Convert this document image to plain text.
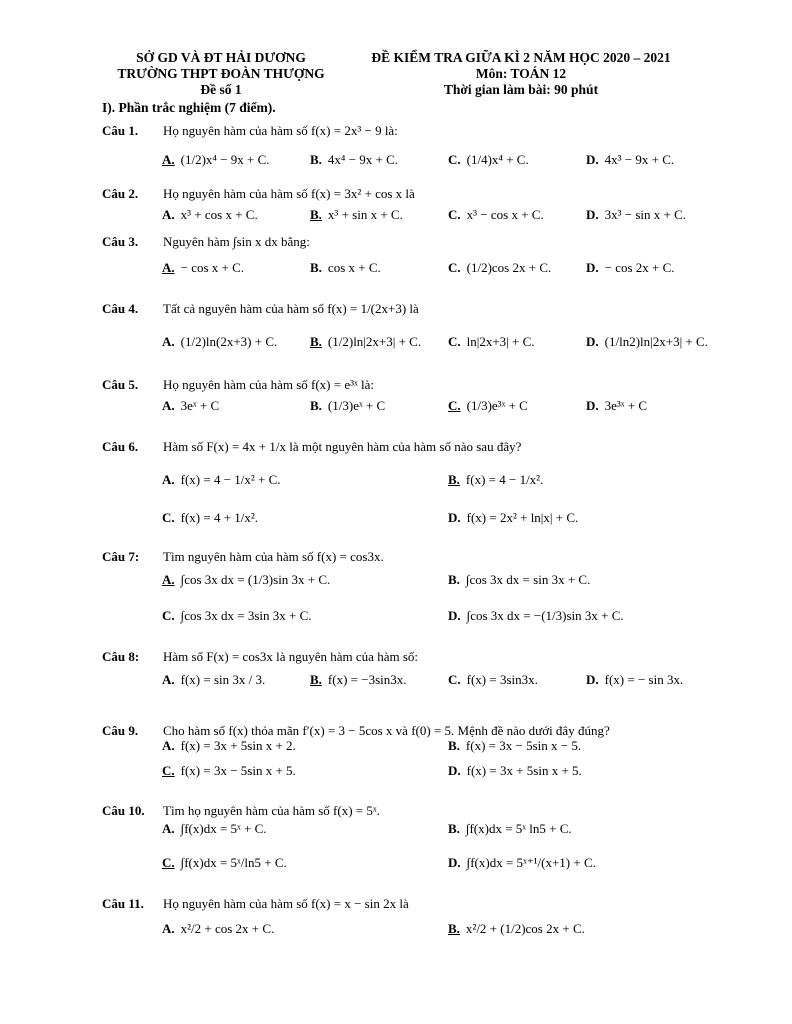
SỞ GD VÀ ĐT HẢI DƯƠNG
TRƯỜNG THPT ĐOÀN THƯỢNG
Đề số 1
ĐỀ KIỂM TRA GIỮA KÌ 2 NĂM HỌC 2020 – 2021
Môn: TOÁN 12
Thời gian làm bài: 90 phút
I). Phần trắc nghiệm (7 điểm).
Câu 1.	Họ nguyên hàm của hàm số f(x) = 2x³ − 9 là:
A. (1/2)x⁴ − 9x + C.	B. 4x⁴ − 9x + C.	C. (1/4)x⁴ + C.	D. 4x³ − 9x + C.
Câu 2.	Họ nguyên hàm của hàm số f(x) = 3x² + cos x là
A. x³ + cos x + C.	B. x³ + sin x + C.	C. x³ − cos x + C.	D. 3x³ − sin x + C.
Câu 3.	Nguyên hàm ∫sin x dx bằng:
A. − cos x + C.	B. cos x + C.	C. (1/2)cos 2x + C.	D. − cos 2x + C.
Câu 4.	Tất cả nguyên hàm của hàm số f(x) = 1/(2x+3) là
A. (1/2)ln(2x+3) + C.	B. (1/2)ln|2x+3| + C. C. ln|2x+3| + C.	D. (1/ln2)ln|2x+3| + C.
Câu 5.	Họ nguyên hàm của hàm số f(x) = e³ˣ là:
A. 3eˣ + C	B. (1/3)eˣ + C	C. (1/3)e³ˣ + C	D. 3e³ˣ + C
Câu 6.	Hàm số F(x) = 4x + 1/x là một nguyên hàm của hàm số nào sau đây?
A. f(x) = 4 − 1/x² + C.	B. f(x) = 4 − 1/x².
C. f(x) = 4 + 1/x².	D. f(x) = 2x² + ln|x| + C.
Câu 7:	Tìm nguyên hàm của hàm số f(x) = cos3x.
A. ∫cos 3x dx = (1/3)sin 3x + C.	B. ∫cos 3x dx = sin 3x + C.
C. ∫cos 3x dx = 3sin 3x + C.	D. ∫cos 3x dx = −(1/3)sin 3x + C.
Câu 8:	Hàm số F(x) = cos3x là nguyên hàm của hàm số:
A. f(x) = sin 3x / 3.	B. f(x) = −3sin3x.	C. f(x) = 3sin3x.	D. f(x) = − sin 3x.
Câu 9.	Cho hàm số f(x) thỏa mãn f′(x) = 3 − 5cos x và f(0) = 5. Mệnh đề nào dưới đây đúng?
A. f(x) = 3x + 5sin x + 2.	B. f(x) = 3x − 5sin x − 5.
C. f(x) = 3x − 5sin x + 5.	D. f(x) = 3x + 5sin x + 5.
Câu 10.	Tìm họ nguyên hàm của hàm số f(x) = 5ˣ.
A. ∫f(x)dx = 5ˣ + C.	B. ∫f(x)dx = 5ˣ ln5 + C.
C. ∫f(x)dx = 5ˣ/ln5 + C.	D. ∫f(x)dx = 5ˣ⁺¹/(x+1) + C.
Câu 11.	Họ nguyên hàm của hàm số f(x) = x − sin 2x là
A. x²/2 + cos 2x + C.	B. x²/2 + (1/2)cos 2x + C.
